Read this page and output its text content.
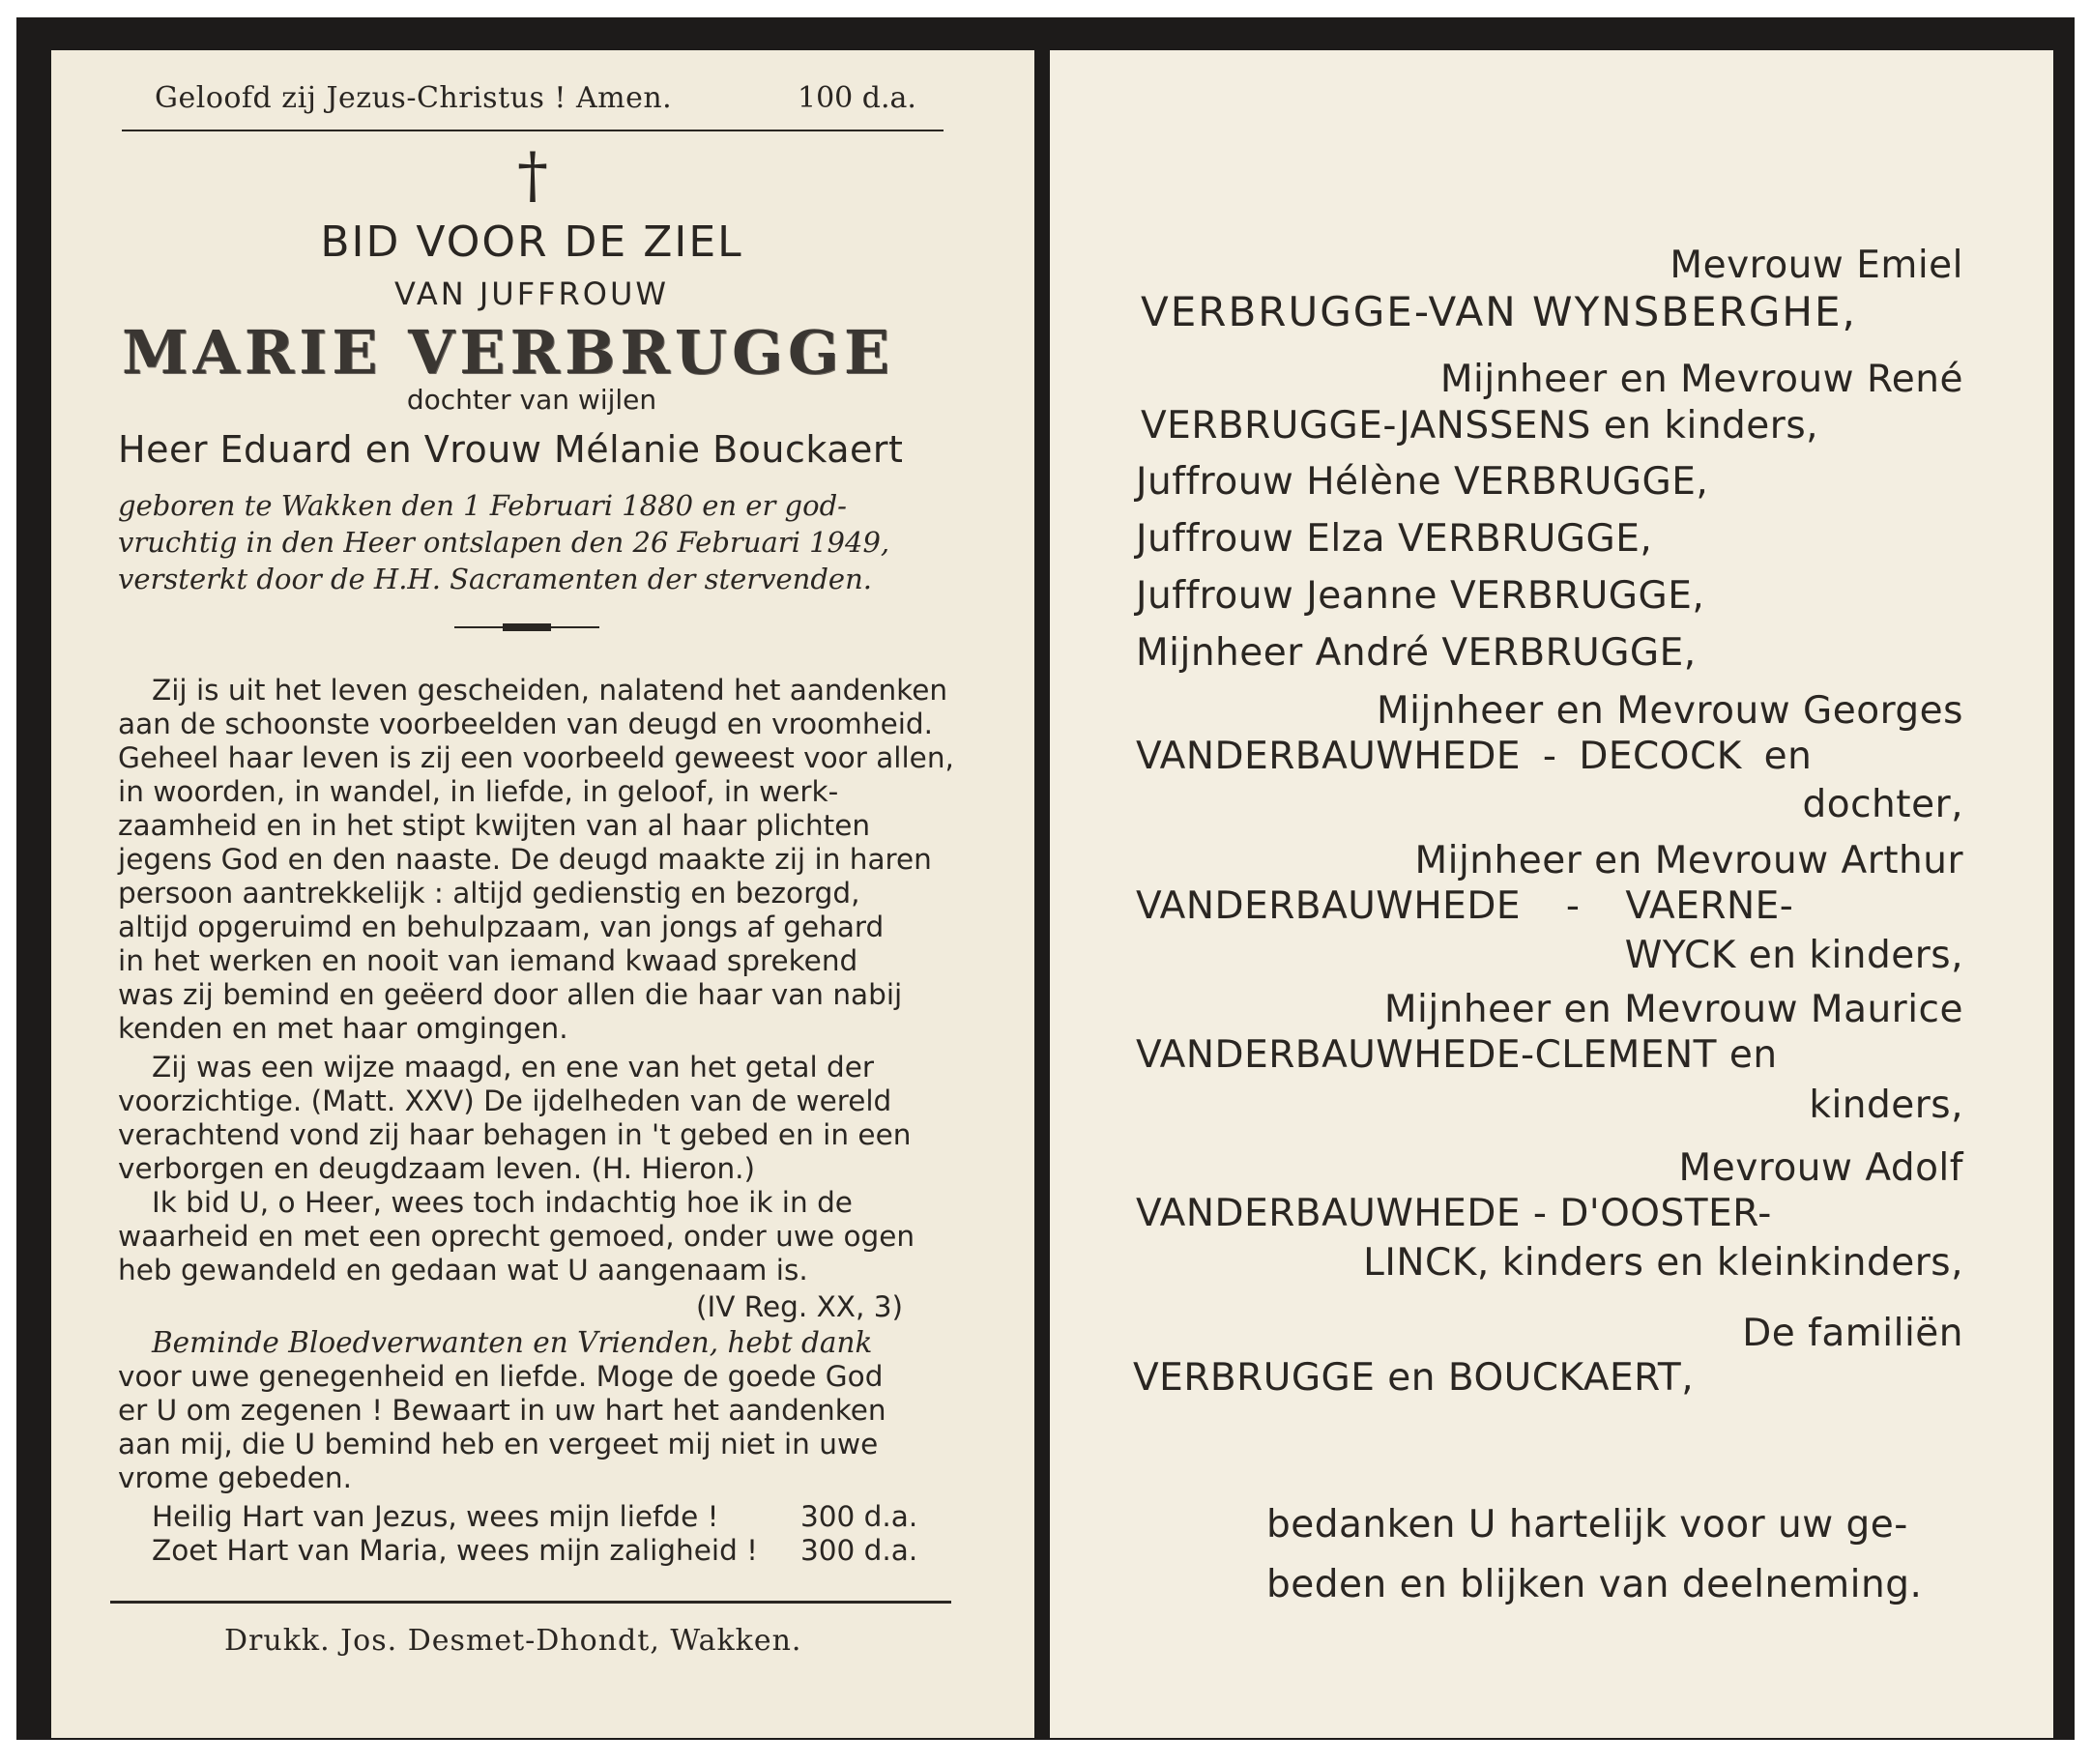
Geloofd zij Jezus-Christus ! Amen.	100 d.a.
†
BID VOOR DE ZIEL
VAN JUFFROUW
MARIE VERBRUGGE
dochter van wijlen
Heer Eduard en Vrouw Mélanie Bouckaert
geboren te Wakken den 1 Februari 1880 en er god-
vruchtig in den Heer ontslapen den 26 Februari 1949,
versterkt door de H.H. Sacramenten der stervenden.
Zij is uit het leven gescheiden, nalatend het aandenken
aan de schoonste voorbeelden van deugd en vroomheid.
Geheel haar leven is zij een voorbeeld geweest voor allen,
in woorden, in wandel, in liefde, in geloof, in werk-
zaamheid en in het stipt kwijten van al haar plichten
jegens God en den naaste. De deugd maakte zij in haren
persoon aantrekkelijk : altijd gedienstig en bezorgd,
altijd opgeruimd en behulpzaam, van jongs af gehard
in het werken en nooit van iemand kwaad sprekend
was zij bemind en geëerd door allen die haar van nabij
kenden en met haar omgingen.
Zij was een wijze maagd, en ene van het getal der
voorzichtige. (Matt. XXV) De ijdelheden van de wereld
verachtend vond zij haar behagen in 't gebed en in een
verborgen en deugdzaam leven. (H. Hieron.)
Ik bid U, o Heer, wees toch indachtig hoe ik in de
waarheid en met een oprecht gemoed, onder uwe ogen
heb gewandeld en gedaan wat U aangenaam is.
(IV Reg. XX, 3)
Beminde Bloedverwanten en Vrienden, hebt dank
voor uwe genegenheid en liefde. Moge de goede God
er U om zegenen ! Bewaart in uw hart het aandenken
aan mij, die U bemind heb en vergeet mij niet in uwe
vrome gebeden.
Heilig Hart van Jezus, wees mijn liefde !	300 d.a.
Zoet Hart van Maria, wees mijn zaligheid ! 300 d.a.
Drukk. Jos. Desmet-Dhondt, Wakken.
Mevrouw Emiel
VERBRUGGE-VAN WYNSBERGHE,
Mijnheer en Mevrouw René
VERBRUGGE-JANSSENS en kinders,
Juffrouw Hélène VERBRUGGE,
Juffrouw Elza VERBRUGGE,
Juffrouw Jeanne VERBRUGGE,
Mijnheer André VERBRUGGE,
Mijnheer en Mevrouw Georges
VANDERBAUWHEDE - DECOCK en
dochter,
Mijnheer en Mevrouw Arthur
VANDERBAUWHEDE - VAERNE-
WYCK en kinders,
Mijnheer en Mevrouw Maurice
VANDERBAUWHEDE-CLEMENT en
kinders,
Mevrouw Adolf
VANDERBAUWHEDE - D'OOSTER-
LINCK, kinders en kleinkinders,
De familiën
VERBRUGGE en BOUCKAERT,
bedanken U hartelijk voor uw ge-
beden en blijken van deelneming.
